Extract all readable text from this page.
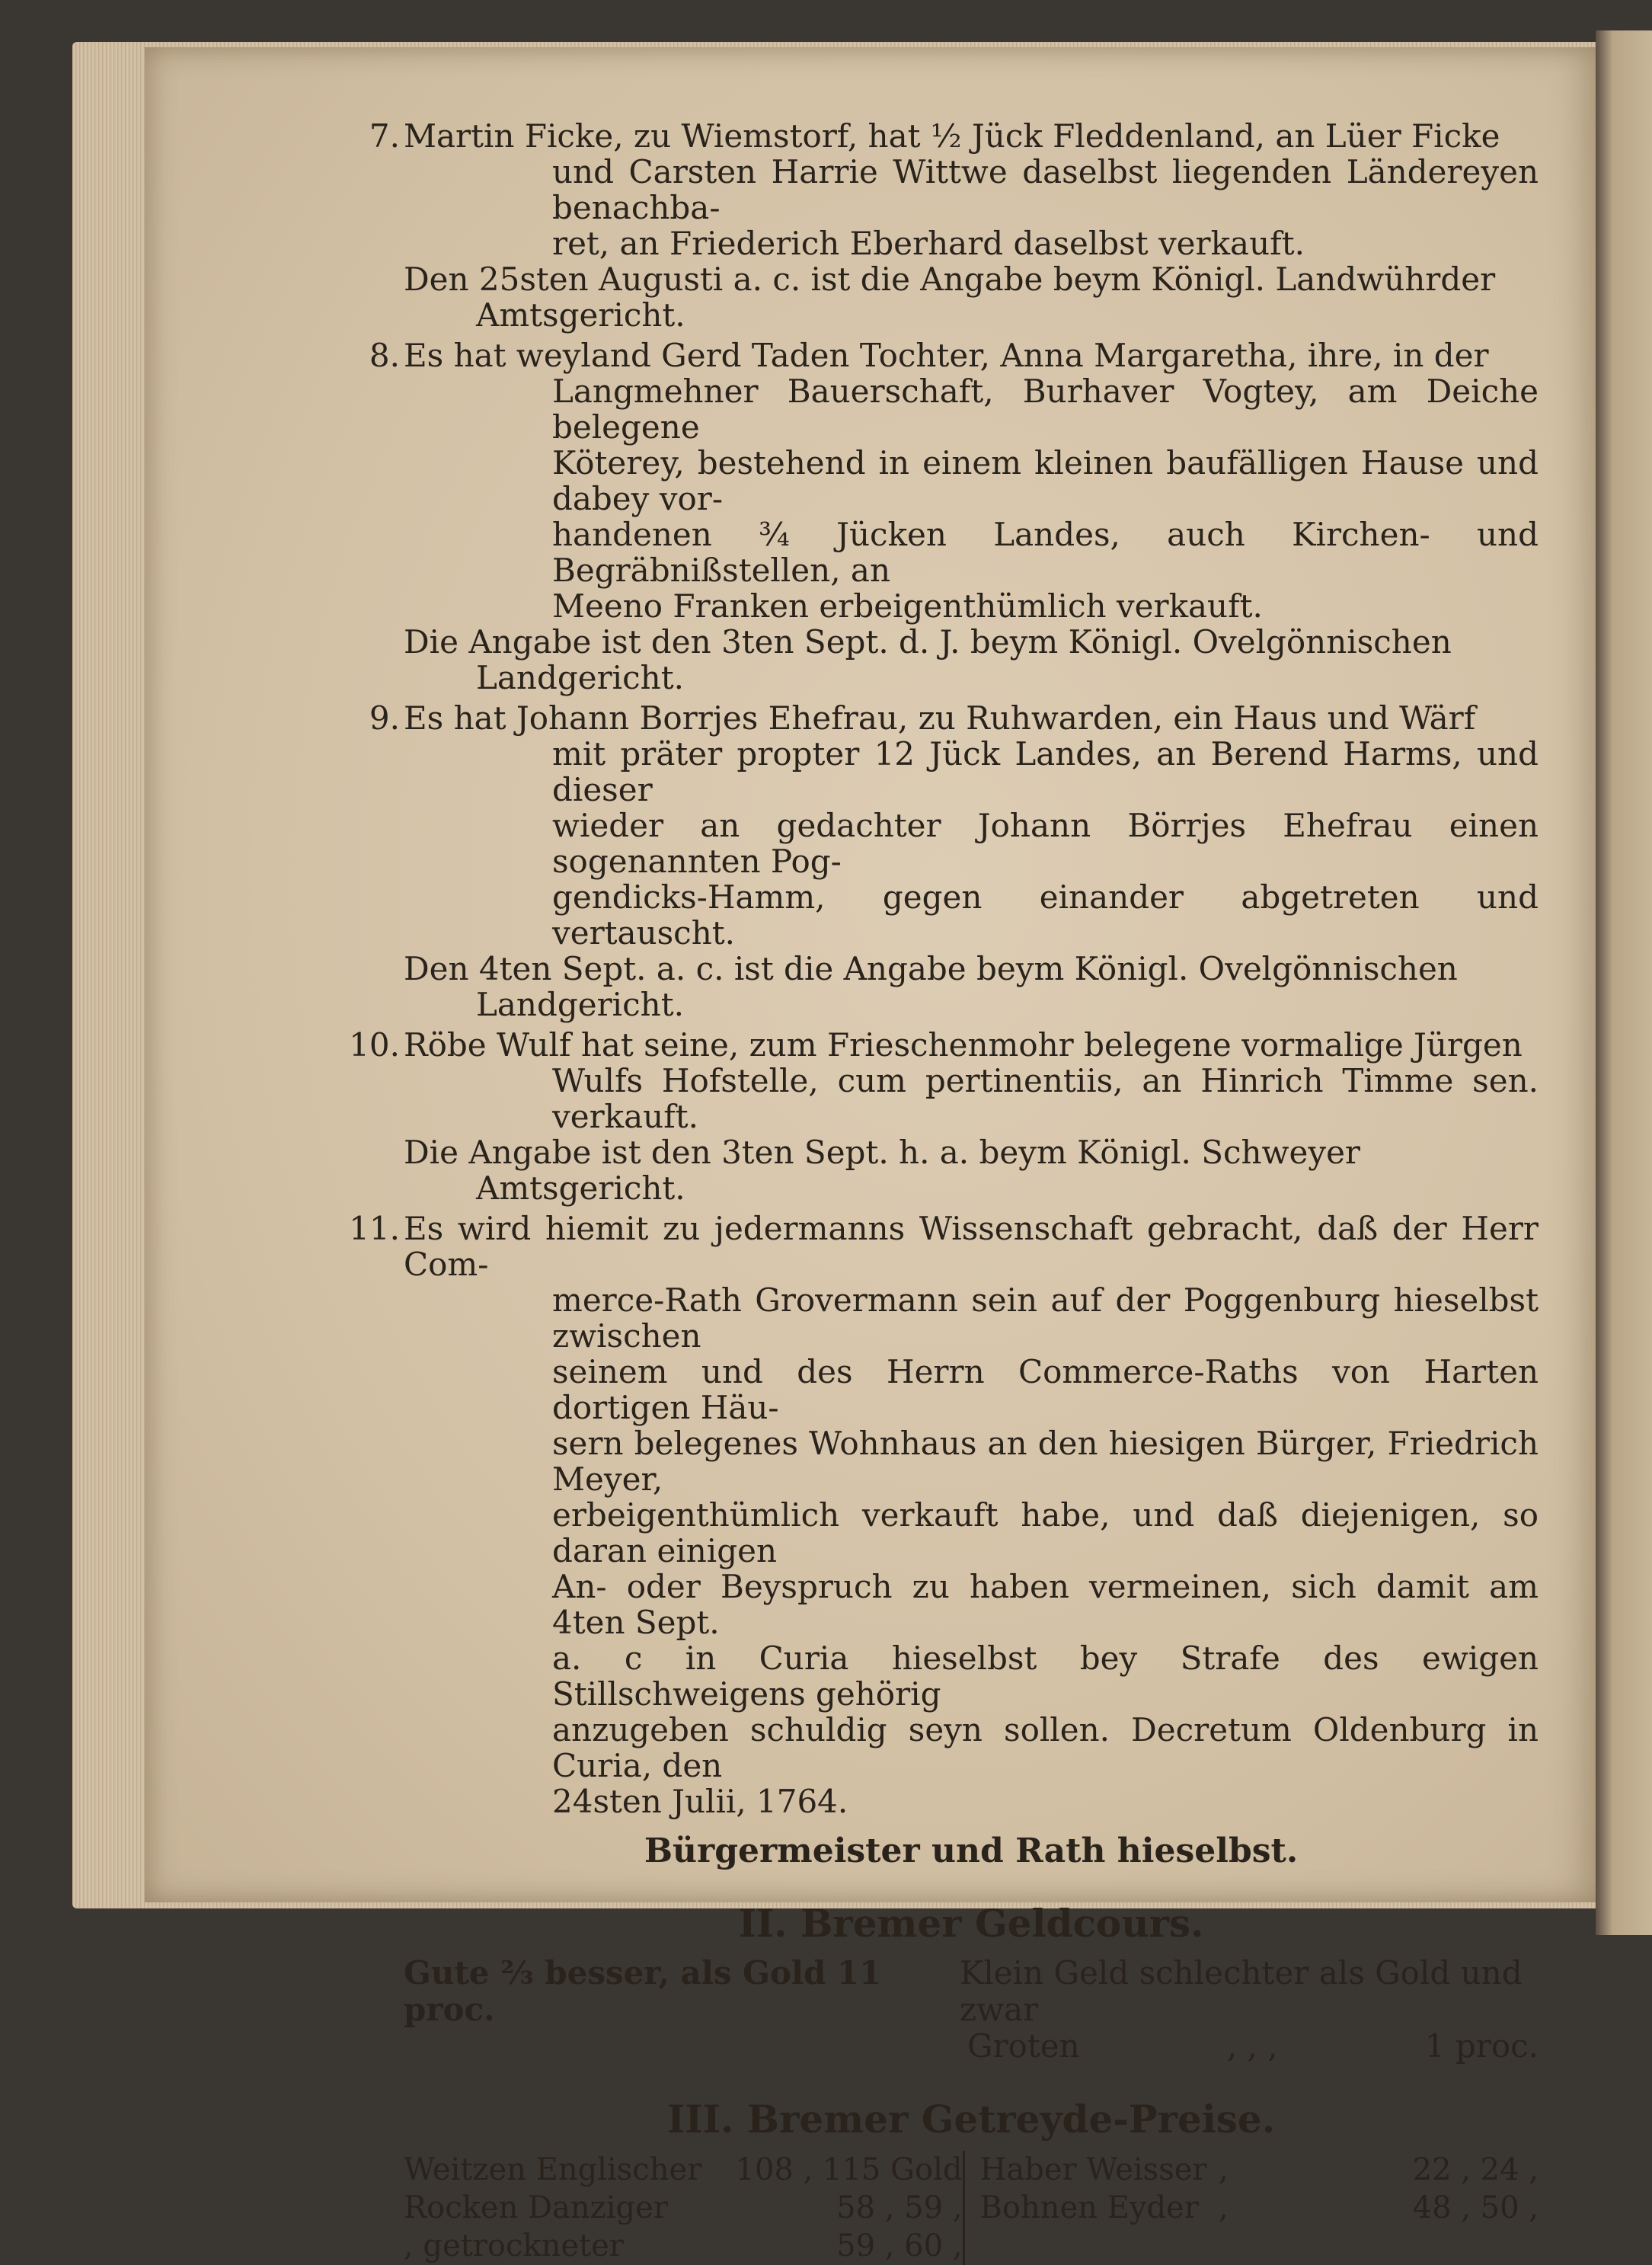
7. Martin Ficke, zu Wiemstorf, hat ½ Jück Fleddenland, an Lüer Ficke

und Carsten Harrie Wittwe daselbst liegenden Ländereyen benachba-

ret, an Friederich Eberhard daselbst verkauft.

Den 25sten Augusti a. c. ist die Angabe beym Königl. Landwührder Amtsgericht.

8. Es hat weyland Gerd Taden Tochter, Anna Margaretha, ihre, in der

Langmehner Bauerschaft, Burhaver Vogtey, am Deiche belegene

Köterey, bestehend in einem kleinen baufälligen Hause und dabey vor-

handenen ¾ Jücken Landes, auch Kirchen- und Begräbnißstellen, an

Meeno Franken erbeigenthümlich verkauft.

Die Angabe ist den 3ten Sept. d. J. beym Königl. Ovelgönnischen Landgericht.

9. Es hat Johann Borrjes Ehefrau, zu Ruhwarden, ein Haus und Wärf

mit präter propter 12 Jück Landes, an Berend Harms, und dieser

wieder an gedachter Johann Börrjes Ehefrau einen sogenannten Pog-

gendicks-Hamm, gegen einander abgetreten und vertauscht.

Den 4ten Sept. a. c. ist die Angabe beym Königl. Ovelgönnischen Landgericht.

10. Röbe Wulf hat seine, zum Frieschenmohr belegene vormalige Jürgen

Wulfs Hofstelle, cum pertinentiis, an Hinrich Timme sen. verkauft.

Die Angabe ist den 3ten Sept. h. a. beym Königl. Schweyer Amtsgericht.

11. Es wird hiemit zu jedermanns Wissenschaft gebracht, daß der Herr Com-

merce-Rath Grovermann sein auf der Poggenburg hieselbst zwischen

seinem und des Herrn Commerce-Raths von Harten dortigen Häu-

sern belegenes Wohnhaus an den hiesigen Bürger, Friedrich Meyer,

erbeigenthümlich verkauft habe, und daß diejenigen, so daran einigen

An- oder Beyspruch zu haben vermeinen, sich damit am 4ten Sept.

a. c in Curia hieselbst bey Strafe des ewigen Stillschweigens gehörig

anzugeben schuldig seyn sollen. Decretum Oldenburg in Curia, den

24sten Julii, 1764.

Bürgermeister und Rath hieselbst.
II. Bremer Geldcours.
Gute ⅔ besser, als Gold 11 proc.
Klein Geld schlechter als Gold und zwar
Groten	, , ,	1 proc.
III. Bremer Getreyde-Preise.
Weitzen Englischer	108 , 115 Gold
Rocken Danziger	58 , 59 ,
, getrockneter	59 , 60 ,
Haber Weisser ,	22 , 24 ,
Bohnen Eyder ,	48 , 50 ,
